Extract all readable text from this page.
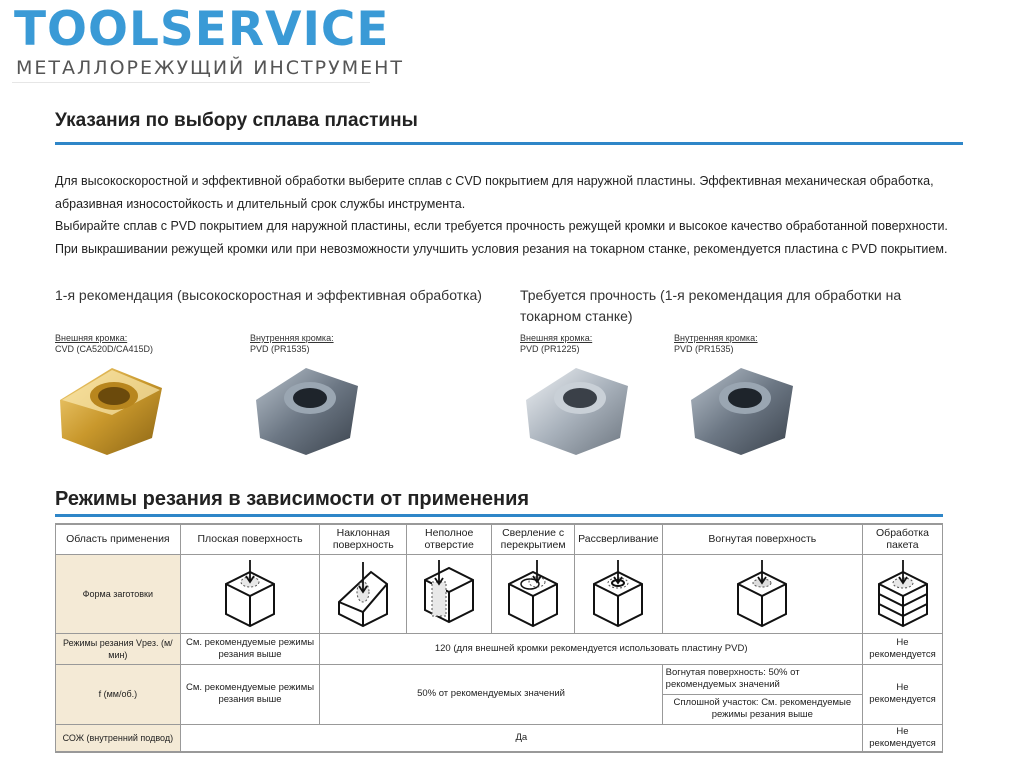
TOOLSERVICE
МЕТАЛЛОРЕЖУЩИЙ ИНСТРУМЕНТ
Указания по выбору сплава пластины

Для высокоскоростной и эффективной обработки выберите сплав с CVD покрытием для наружной пластины. Эффективная механическая обработка, абразивная износостойкость и длительный срок службы инструмента.

Выбирайте сплав с PVD покрытием для наружной пластины, если требуется прочность режущей кромки и высокое качество обработанной поверхности. При выкрашивании режущей кромки или при невозможности улучшить условия резания на токарном станке, рекомендуется пластина с PVD покрытием.

1-я рекомендация (высокоскоростная и эффективная обработка)	Требуется прочность (1-я рекомендация для обработки на токарном станке)
Внешняя кромка:
CVD (CA520D/CA415D)
Внутренняя кромка:
PVD (PR1535)
Внешняя кромка:
PVD (PR1225)
Внутренняя кромка:
PVD (PR1535)
Режимы резания в зависимости от применения
Область применения	Плоская поверхность	Наклонная поверхность	Неполное отверстие	Сверление с перекрытием	Рассверливание	Вогнутая поверхность	Обработка пакета
Форма заготовки	

Режимы резания Vрез. (м/мин)	См. рекомендуемые режимы резания выше	120 (для внешней кромки рекомендуется использовать пластину PVD)					Не рекомендуется
f (мм/об.)	См. рекомендуемые режимы резания выше	50% от рекомендуемых значений				Вогнутая поверхность: 50% от рекомендуемых значений	Не рекомендуется
						Сплошной участок: См. рекомендуемые режимы резания выше	
СОЖ (внутренний подвод)	Да						Не рекомендуется
